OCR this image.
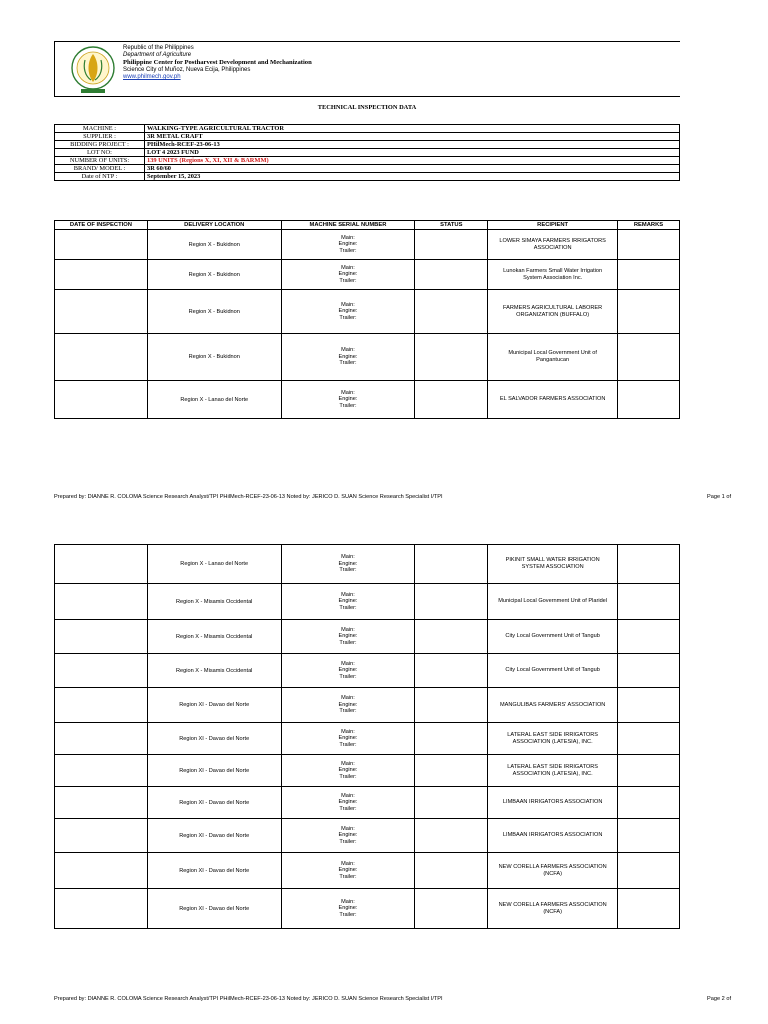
Republic of the Philippines
Department of Agriculture
Philippine Center for Postharvest Development and Mechanization
Science City of Muñoz, Nueva Ecija, Philippines
www.philmech.gov.ph
TECHNICAL INSPECTION DATA
MACHINE :	WALKING-TYPE AGRICULTURAL TRACTOR
SUPPLIER :	3R METAL CRAFT
BIDDING PROJECT :	PHilMech-RCEF-23-06-13
LOT NO:	LOT 4 2023 FUND
NUMBER OF UNITS:	139 UNITS (Regions X, XI, XII & BARMM)
BRAND/ MODEL :	3R 60/60
Date of NTP :	September 15, 2023
DATE OF INSPECTION	DELIVERY LOCATION	MACHINE SERIAL NUMBER	STATUS	RECIPIENT	REMARKS
	Region X - Bukidnon	Main:
Engine:
Trailer:		LOWER SIMAYA FARMERS IRRIGATORS ASSOCIATION	
	Region X - Bukidnon	Main:
Engine:
Trailer:		Lunokan Farmers Small Water Irrigation System Association Inc.	
	Region X - Bukidnon	Main:
Engine:
Trailer:		FARMERS AGRICULTURAL LABORER ORGANIZATION (BUFFALO)	
	Region X - Bukidnon	Main:
Engine:
Trailer:		Municipal Local Government Unit of Pangantucan	
	Region X - Lanao del Norte	Main:
Engine:
Trailer:		EL SALVADOR FARMERS ASSOCIATION	
Prepared by: DIANNE R. COLOMA Science Research Analyst/TPI PHilMech-RCEF-23-06-13 Noted by: JERICO D. SUAN Science Research Specialist I/TPI	Page 1 of
	Region X - Lanao del Norte	Main:
Engine:
Trailer:		PIKINIT SMALL WATER IRRIGATION SYSTEM ASSOCIATION	
	Region X - Misamis Occidental	Main:
Engine:
Trailer:		Municipal Local Government Unit of Plaridel	
	Region X - Misamis Occidental	Main:
Engine:
Trailer:		City Local Government Unit of Tangub	
	Region X - Misamis Occidental	Main:
Engine:
Trailer:		City Local Government Unit of Tangub	
	Region XI - Davao del Norte	Main:
Engine:
Trailer:		MANGULIBAS FARMERS' ASSOCIATION	
	Region XI - Davao del Norte	Main:
Engine:
Trailer:		LATERAL EAST SIDE IRRIGATORS ASSOCIATION (LATESIA), INC.	
	Region XI - Davao del Norte	Main:
Engine:
Trailer:		LATERAL EAST SIDE IRRIGATORS ASSOCIATION (LATESIA), INC.	
	Region XI - Davao del Norte	Main:
Engine:
Trailer:		LIMBAAN IRRIGATORS ASSOCIATION	
	Region XI - Davao del Norte	Main:
Engine:
Trailer:		LIMBAAN IRRIGATORS ASSOCIATION	
	Region XI - Davao del Norte	Main:
Engine:
Trailer:		NEW CORELLA FARMERS ASSOCIATION (NCFA)	
	Region XI - Davao del Norte	Main:
Engine:
Trailer:		NEW CORELLA FARMERS ASSOCIATION (NCFA)	
Prepared by: DIANNE R. COLOMA Science Research Analyst/TPI PHilMech-RCEF-23-06-13 Noted by: JERICO D. SUAN Science Research Specialist I/TPI	Page 2 of
